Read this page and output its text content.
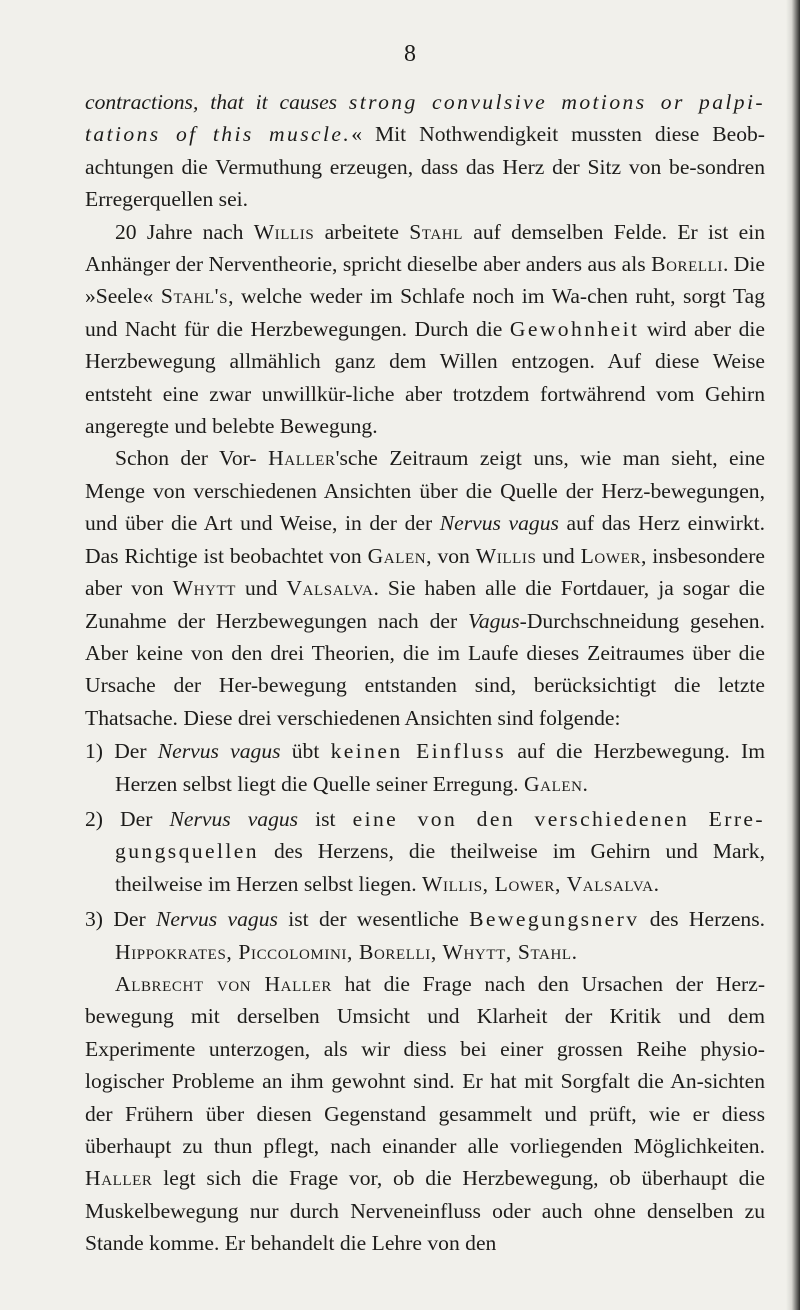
8

contractions, that it causes strong convulsive motions or palpi-tations of this muscle.« Mit Nothwendigkeit mussten diese Beob-achtungen die Vermuthung erzeugen, dass das Herz der Sitz von be-sondren Erregerquellen sei.

20 Jahre nach Willis arbeitete Stahl auf demselben Felde. Er ist ein Anhänger der Nerventheorie, spricht dieselbe aber anders aus als Borelli. Die »Seele« Stahl's, welche weder im Schlafe noch im Wa-chen ruht, sorgt Tag und Nacht für die Herzbewegungen. Durch die Gewohnheit wird aber die Herzbewegung allmählich ganz dem Willen entzogen. Auf diese Weise entsteht eine zwar unwillkür-liche aber trotzdem fortwährend vom Gehirn angeregte und belebte Bewegung.

Schon der Vor- Haller'sche Zeitraum zeigt uns, wie man sieht, eine Menge von verschiedenen Ansichten über die Quelle der Herz-bewegungen, und über die Art und Weise, in der der Nervus vagus auf das Herz einwirkt. Das Richtige ist beobachtet von Galen, von Willis und Lower, insbesondere aber von Whytt und Valsalva. Sie haben alle die Fortdauer, ja sogar die Zunahme der Herzbewegungen nach der Vagus-Durchschneidung gesehen. Aber keine von den drei Theorien, die im Laufe dieses Zeitraumes über die Ursache der Her-bewegung entstanden sind, berücksichtigt die letzte Thatsache. Diese drei verschiedenen Ansichten sind folgende:

1) Der Nervus vagus übt keinen Einfluss auf die Herzbewegung. Im Herzen selbst liegt die Quelle seiner Erregung. Galen.

2) Der Nervus vagus ist eine von den verschiedenen Erre-gungsquellen des Herzens, die theilweise im Gehirn und Mark, theilweise im Herzen selbst liegen. Willis, Lower, Valsalva.

3) Der Nervus vagus ist der wesentliche Bewegungsnerv des Herzens. Hippokrates, Piccolomini, Borelli, Whytt, Stahl.

Albrecht von Haller hat die Frage nach den Ursachen der Herz-bewegung mit derselben Umsicht und Klarheit der Kritik und dem Experimente unterzogen, als wir diess bei einer grossen Reihe physio-logischer Probleme an ihm gewohnt sind. Er hat mit Sorgfalt die An-sichten der Frühern über diesen Gegenstand gesammelt und prüft, wie er diess überhaupt zu thun pflegt, nach einander alle vorliegenden Möglichkeiten. Haller legt sich die Frage vor, ob die Herzbewegung, ob überhaupt die Muskelbewegung nur durch Nerveneinfluss oder auch ohne denselben zu Stande komme. Er behandelt die Lehre von den
